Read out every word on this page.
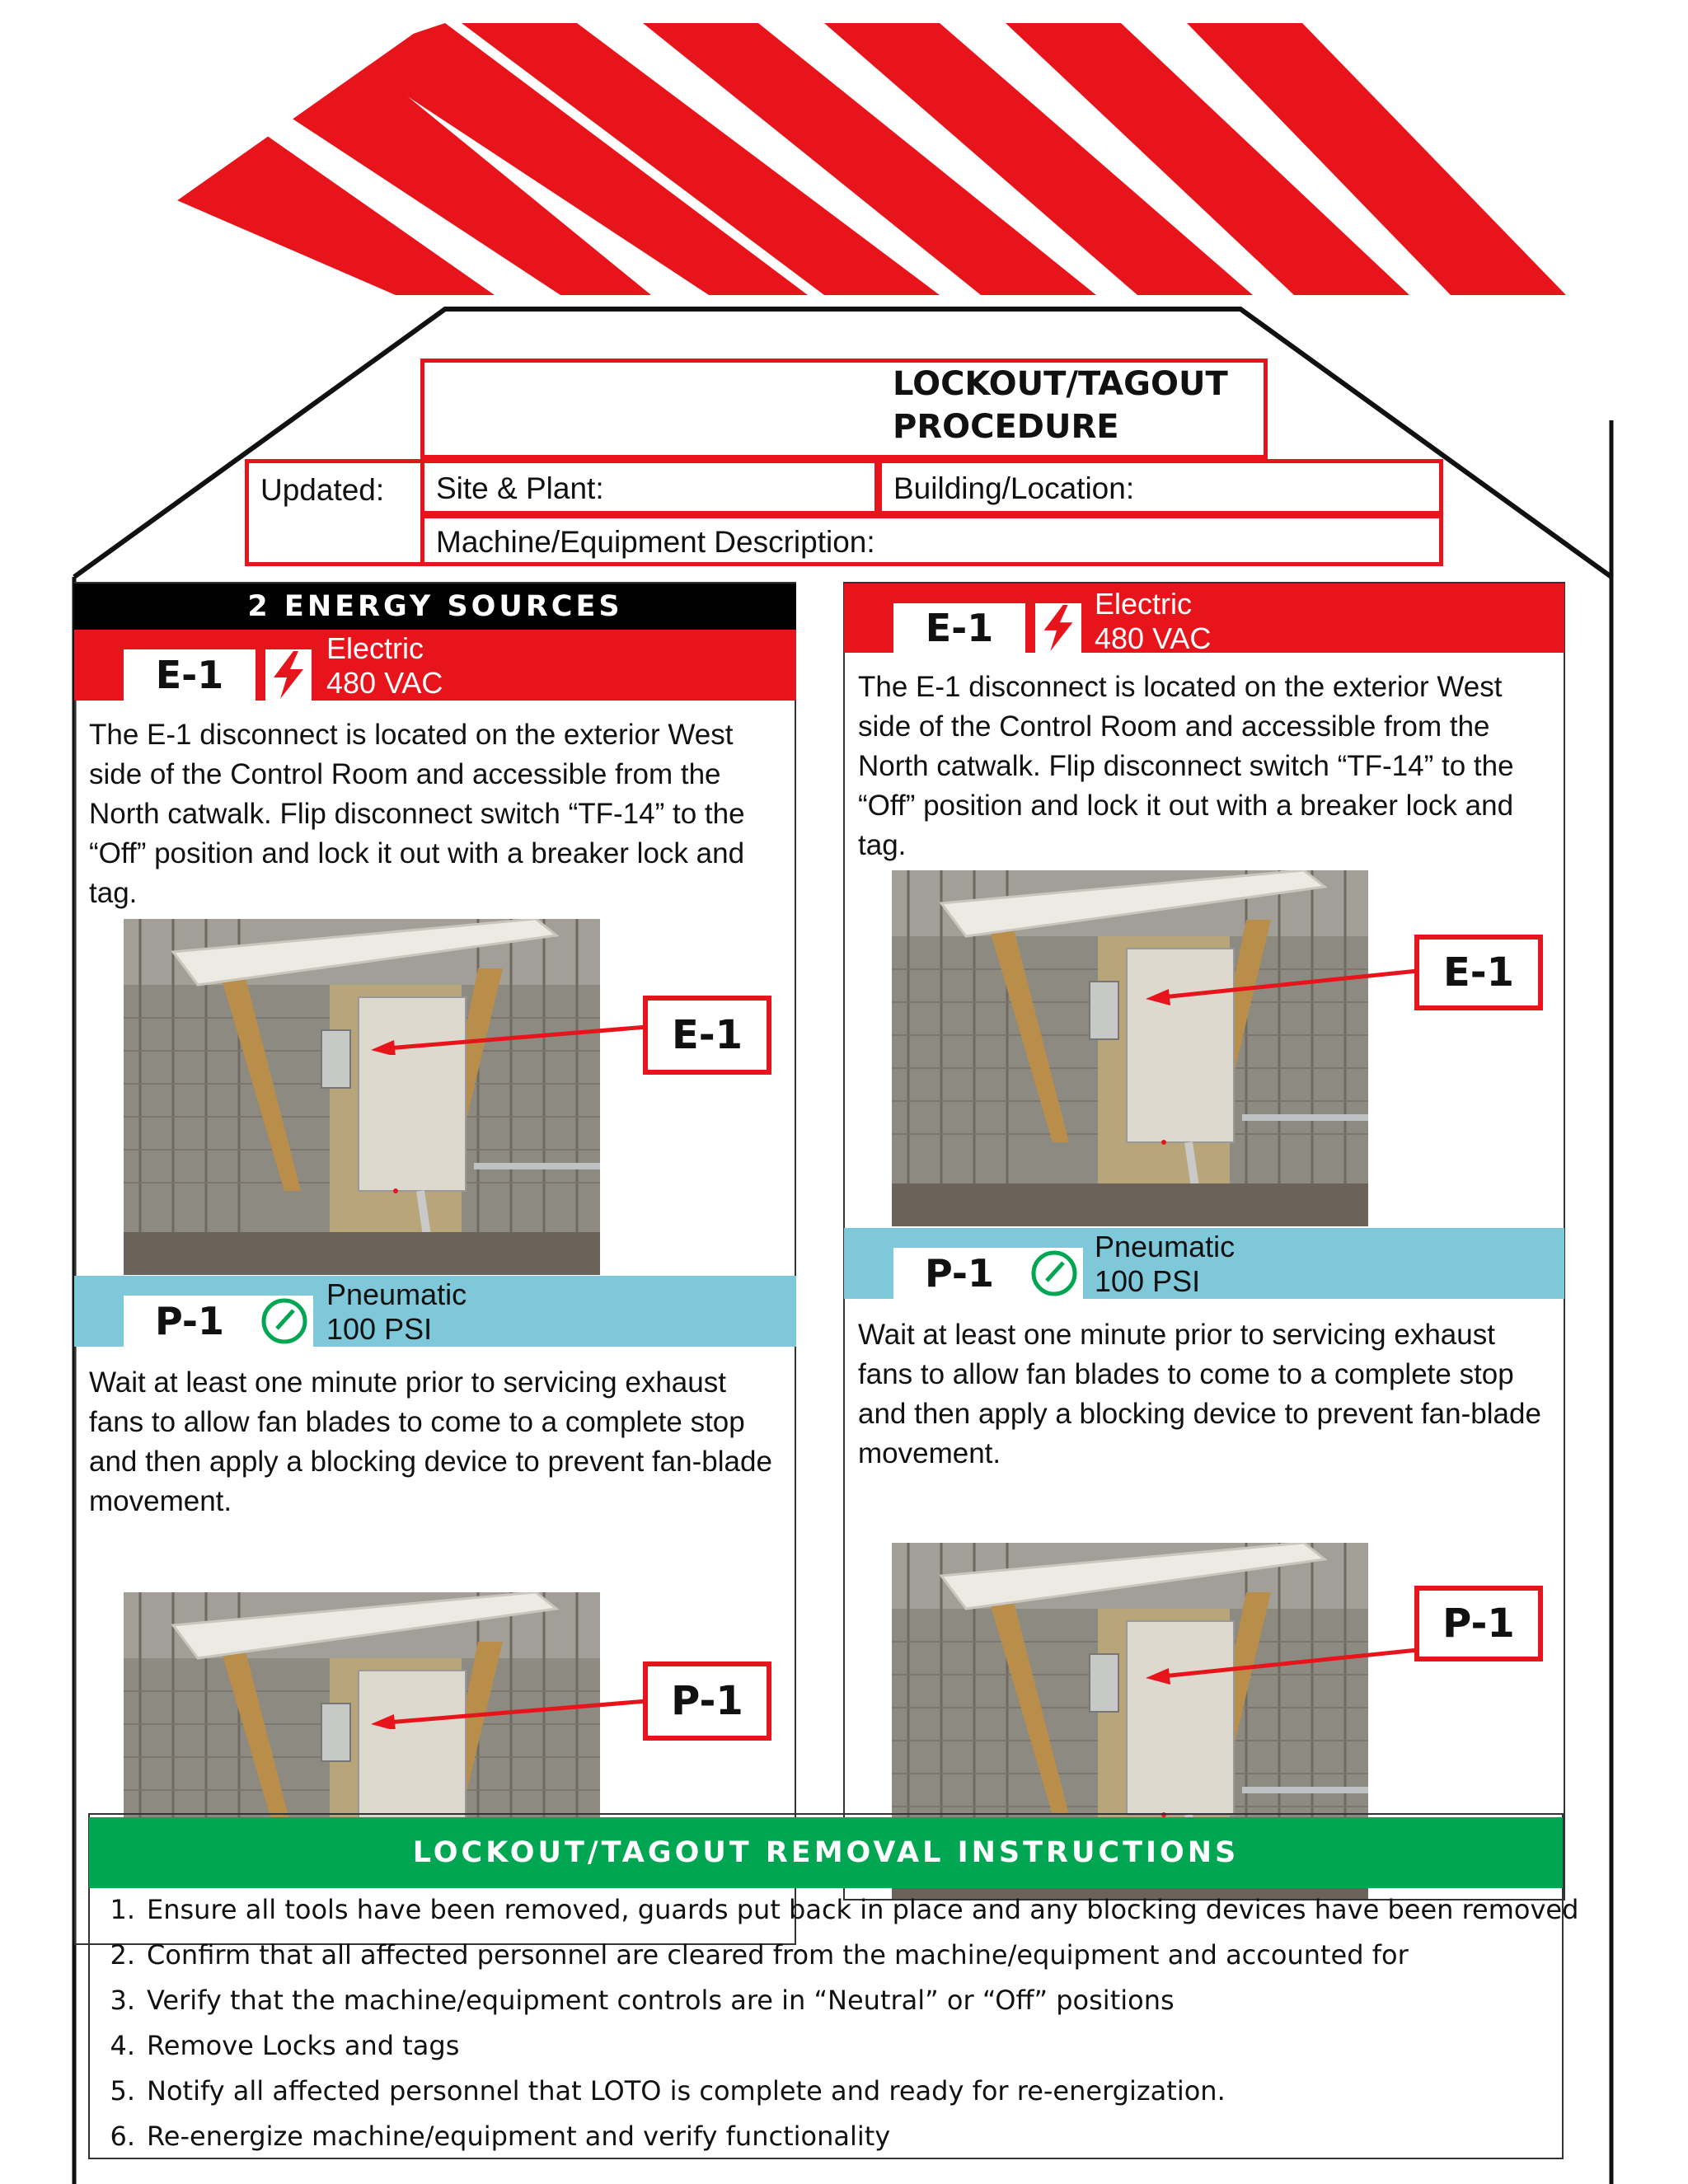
LOCKOUT/TAGOUT
PROCEDURE
Updated: Site & Plant:	Building/Location:
Machine/Equipment Description:
2 ENERGY SOURCES
E-1
Electric
480 VAC
The E-1 disconnect is located on the exterior West side of the Control Room and accessible from the North catwalk. Flip disconnect switch “TF-14” to the “Off” position and lock it out with a breaker lock and tag.
E-1
P-1
Pneumatic
100 PSI
Wait at least one minute prior to servicing exhaust fans to allow fan blades to come to a complete stop and then apply a blocking device to prevent fan-blade movement.
P-1
E-1
Electric
480 VAC
The E-1 disconnect is located on the exterior West side of the Control Room and accessible from the North catwalk. Flip disconnect switch “TF-14” to the “Off” position and lock it out with a breaker lock and tag.
E-1
P-1
Pneumatic
100 PSI
Wait at least one minute prior to servicing exhaust fans to allow fan blades to come to a complete stop and then apply a blocking device to prevent fan-blade movement.
P-1
LOCKOUT/TAGOUT REMOVAL INSTRUCTIONS
1. Ensure all tools have been removed, guards put back in place and any blocking devices have been removed
2. Confirm that all affected personnel are cleared from the machine/equipment and accounted for
3. Verify that the machine/equipment controls are in “Neutral” or “Off” positions
4. Remove Locks and tags
5. Notify all affected personnel that LOTO is complete and ready for re-energization.
6. Re-energize machine/equipment and verify functionality
